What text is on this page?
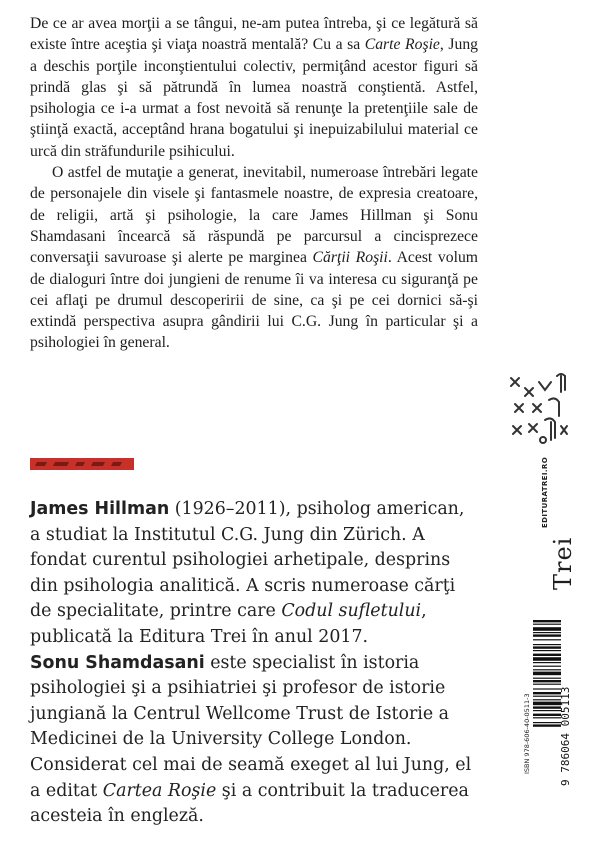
De ce ar avea morţii a se tângui, ne-am putea întreba, şi ce legătură să existe între aceştia şi viaţa noastră mentală? Cu a sa Carte Roşie, Jung a deschis porţile inconştientului colectiv, permiţând acestor figuri să prindă glas şi să pătrundă în lumea noastră conştientă. Astfel, psihologia ce i-a urmat a fost nevoită să renunţe la pretenţiile sale de ştiinţă exactă, acceptând hrana bogatului şi inepuizabilului material ce urcă din străfundurile psihicului.

O astfel de mutaţie a generat, inevitabil, numeroase întrebări legate de personajele din visele şi fantasmele noastre, de expresia creatoare, de religii, artă şi psihologie, la care James Hillman şi Sonu Shamdasani încearcă să răspundă pe parcursul a cincisprezece conversaţii savuroase şi alerte pe marginea Cărţii Roşii. Acest volum de dialoguri între doi jungieni de renume îi va interesa cu siguranţă pe cei aflaţi pe drumul descoperirii de sine, ca şi pe cei dornici să-şi extindă perspectiva asupra gândirii lui C.G. Jung în particular şi a psihologiei în general.

James Hillman (1926–2011), psiholog american, a studiat la Institutul C.G. Jung din Zürich. A fondat curentul psihologiei arhetipale, desprins din psihologia analitică. A scris numeroase cărţi de specialitate, printre care Codul sufletului, publicată la Editura Trei în anul 2017.

Sonu Shamdasani este specialist în istoria psihologiei şi a psihiatriei şi profesor de istorie jungiană la Centrul Wellcome Trust de Istorie a Medicinei de la University College London. Considerat cel mai de seamă exeget al lui Jung, el a editat Cartea Roşie şi a contribuit la traducerea acesteia în engleză.

EDITURATREI.RO
Trei
ISBN 978-606-40-0511-3	9 786064 005113
